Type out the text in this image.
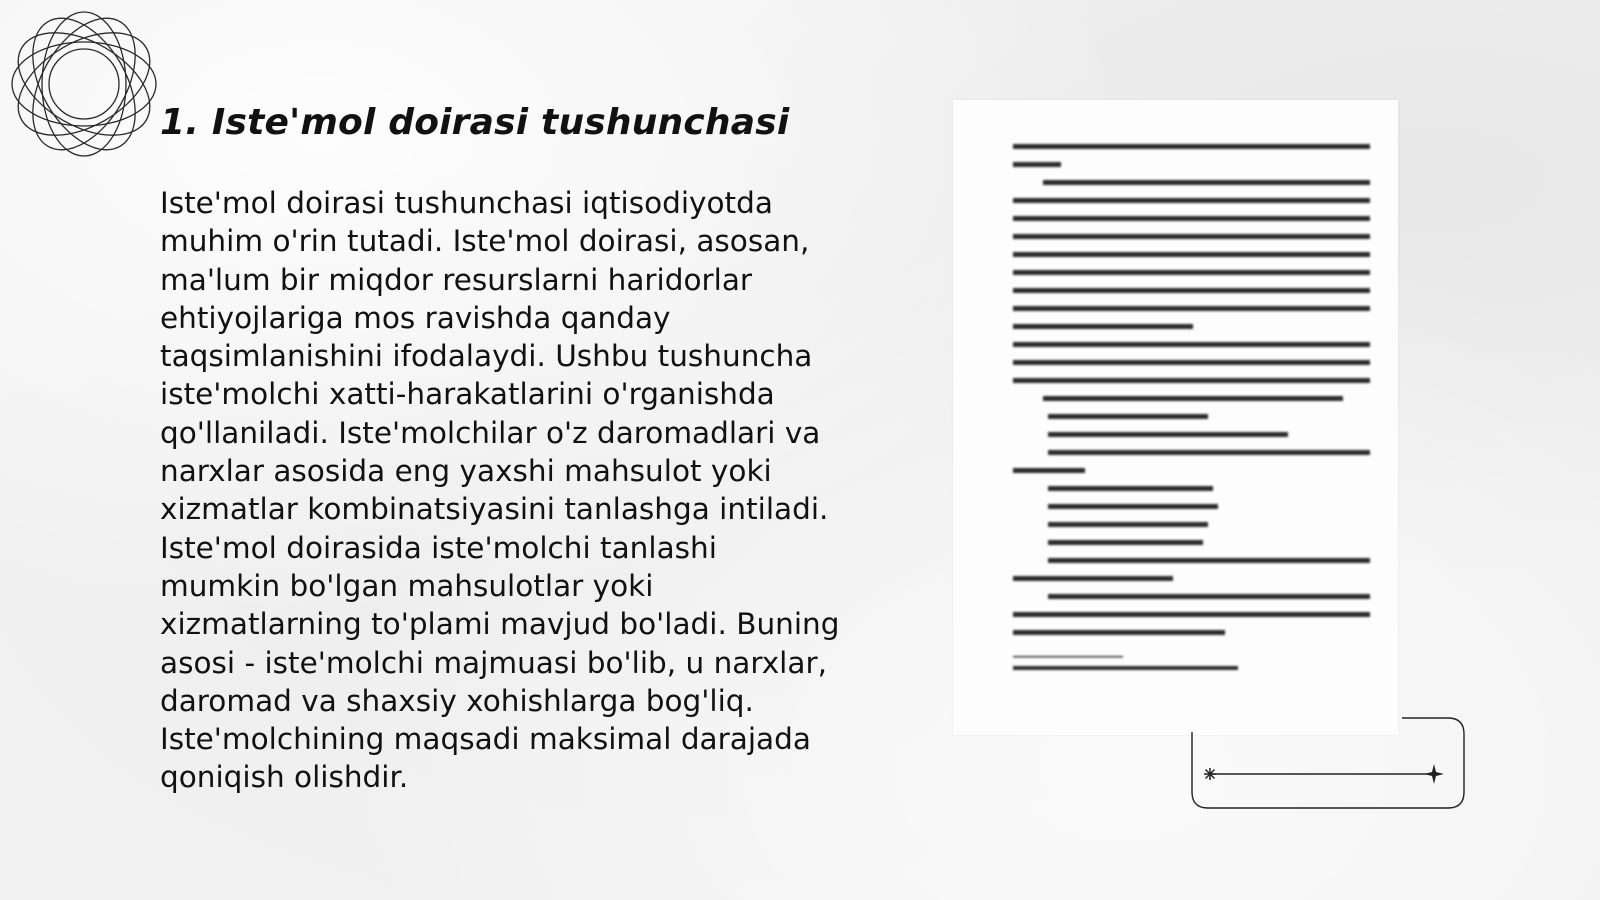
1. Iste'mol doirasi tushunchasi

Iste'mol doirasi tushunchasi iqtisodiyotda muhim o'rin tutadi. Iste'mol doirasi, asosan, ma'lum bir miqdor resurslarni haridorlar ehtiyojlariga mos ravishda qanday taqsimlanishini ifodalaydi. Ushbu tushuncha iste'molchi xatti-harakatlarini o'rganishda qo'llaniladi. Iste'molchilar o'z daromadlari va narxlar asosida eng yaxshi mahsulot yoki xizmatlar kombinatsiyasini tanlashga intiladi. Iste'mol doirasida iste'molchi tanlashi mumkin bo'lgan mahsulotlar yoki xizmatlarning to'plami mavjud bo'ladi. Buning asosi - iste'molchi majmuasi bo'lib, u narxlar, daromad va shaxsiy xohishlarga bog'liq. Iste'molchining maqsadi maksimal darajada qoniqish olishdir.
